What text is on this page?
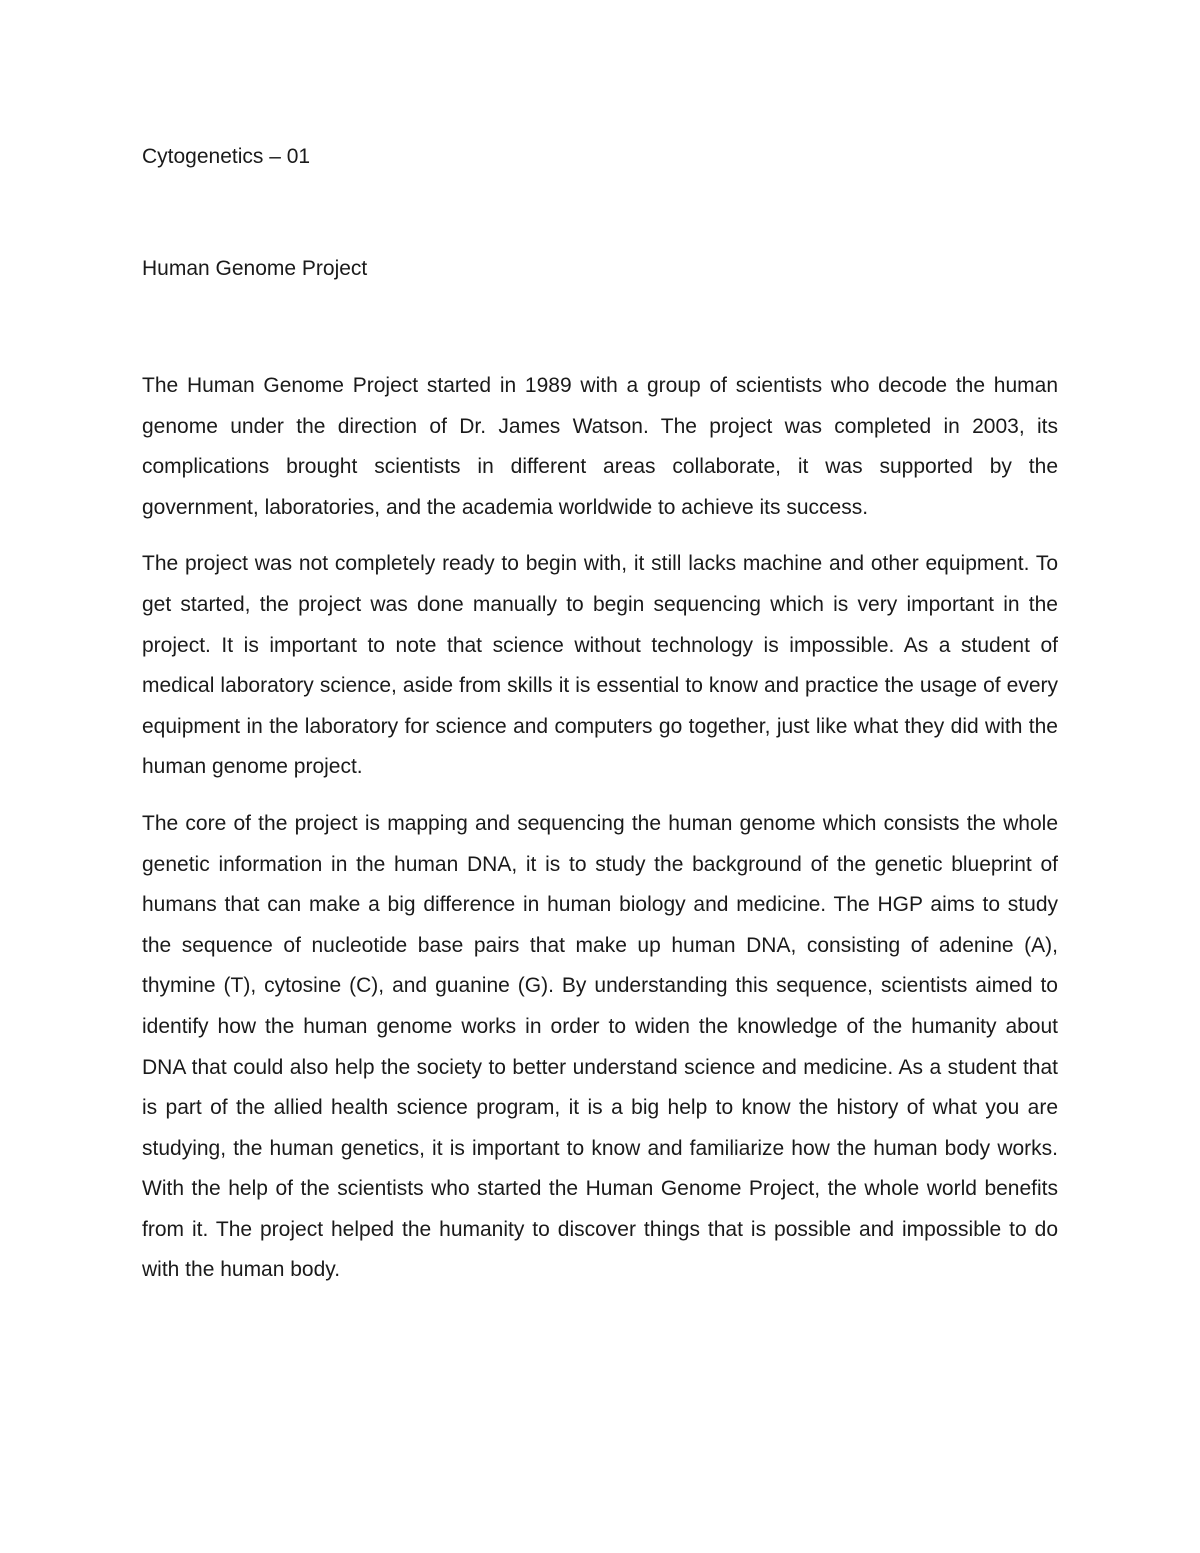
Cytogenetics – 01
Human Genome Project

The Human Genome Project started in 1989 with a group of scientists who decode the human genome under the direction of Dr. James Watson. The project was completed in 2003, its complications brought scientists in different areas collaborate, it was supported by the government, laboratories, and the academia worldwide to achieve its success.

The project was not completely ready to begin with, it still lacks machine and other equipment. To get started, the project was done manually to begin sequencing which is very important in the project. It is important to note that science without technology is impossible. As a student of medical laboratory science, aside from skills it is essential to know and practice the usage of every equipment in the laboratory for science and computers go together, just like what they did with the human genome project.

The core of the project is mapping and sequencing the human genome which consists the whole genetic information in the human DNA, it is to study the background of the genetic blueprint of humans that can make a big difference in human biology and medicine. The HGP aims to study the sequence of nucleotide base pairs that make up human DNA, consisting of adenine (A), thymine (T), cytosine (C), and guanine (G). By understanding this sequence, scientists aimed to identify how the human genome works in order to widen the knowledge of the humanity about DNA that could also help the society to better understand science and medicine. As a student that is part of the allied health science program, it is a big help to know the history of what you are studying, the human genetics, it is important to know and familiarize how the human body works. With the help of the scientists who started the Human Genome Project, the whole world benefits from it. The project helped the humanity to discover things that is possible and impossible to do with the human body.
